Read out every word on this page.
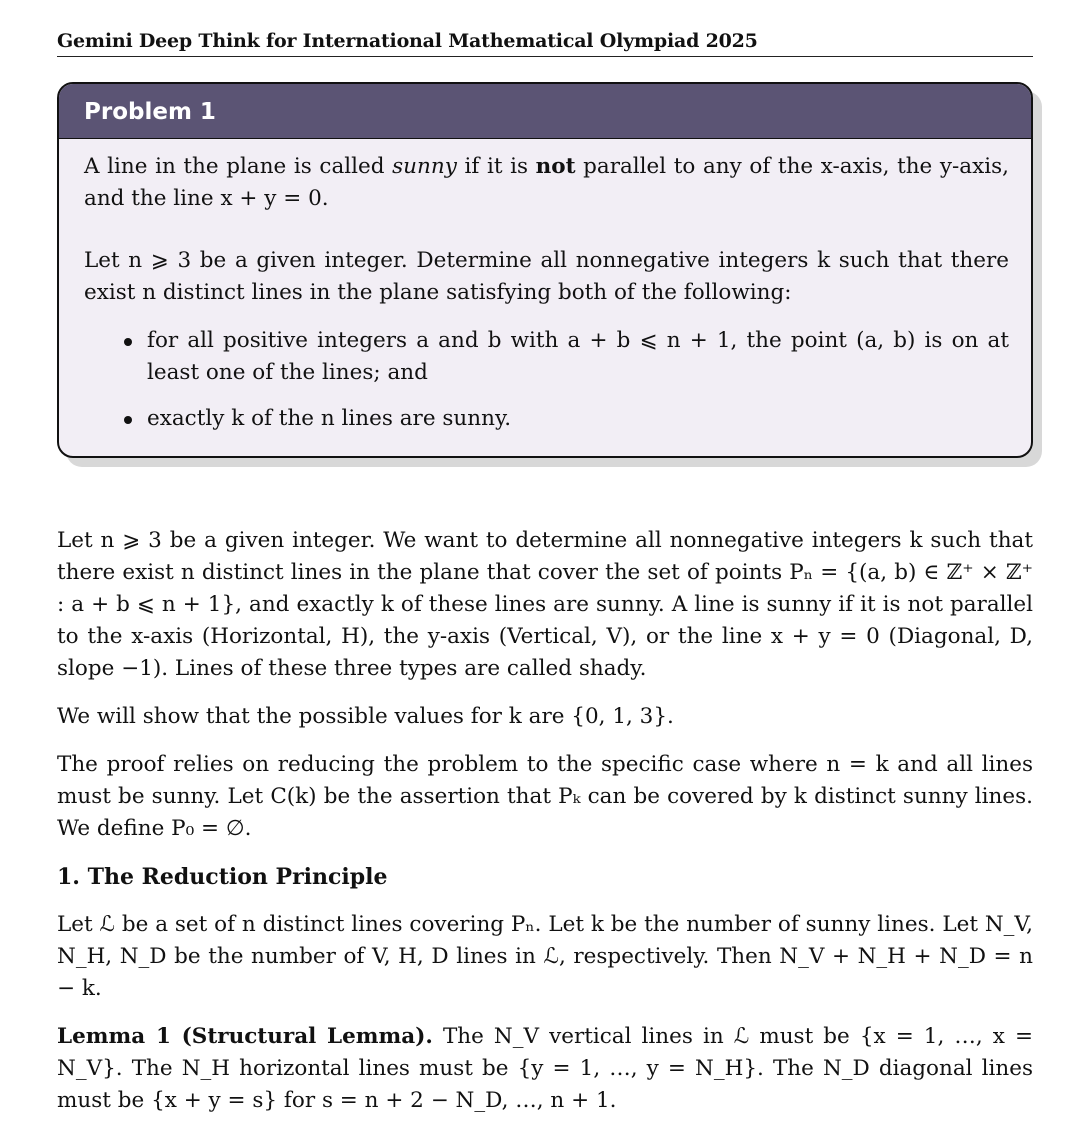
Gemini Deep Think for International Mathematical Olympiad 2025
Problem 1

A line in the plane is called sunny if it is not parallel to any of the x-axis, the y-axis, and the line x + y = 0.

Let n ⩾ 3 be a given integer. Determine all nonnegative integers k such that there exist n distinct lines in the plane satisfying both of the following:

for all positive integers a and b with a + b ⩽ n + 1, the point (a, b) is on at least one of the lines; and
exactly k of the n lines are sunny.

Let n ⩾ 3 be a given integer. We want to determine all nonnegative integers k such that there exist n distinct lines in the plane that cover the set of points Pₙ = {(a, b) ∈ ℤ⁺ × ℤ⁺ : a + b ⩽ n + 1}, and exactly k of these lines are sunny. A line is sunny if it is not parallel to the x-axis (Horizontal, H), the y-axis (Vertical, V), or the line x + y = 0 (Diagonal, D, slope −1). Lines of these three types are called shady.

We will show that the possible values for k are {0, 1, 3}.

The proof relies on reducing the problem to the specific case where n = k and all lines must be sunny. Let C(k) be the assertion that Pₖ can be covered by k distinct sunny lines. We define P₀ = ∅.

1. The Reduction Principle

Let ℒ be a set of n distinct lines covering Pₙ. Let k be the number of sunny lines. Let N_V, N_H, N_D be the number of V, H, D lines in ℒ, respectively. Then N_V + N_H + N_D = n − k.

Lemma 1 (Structural Lemma). The N_V vertical lines in ℒ must be {x = 1, …, x = N_V}. The N_H horizontal lines must be {y = 1, …, y = N_H}. The N_D diagonal lines must be {x + y = s} for s = n + 2 − N_D, …, n + 1.
